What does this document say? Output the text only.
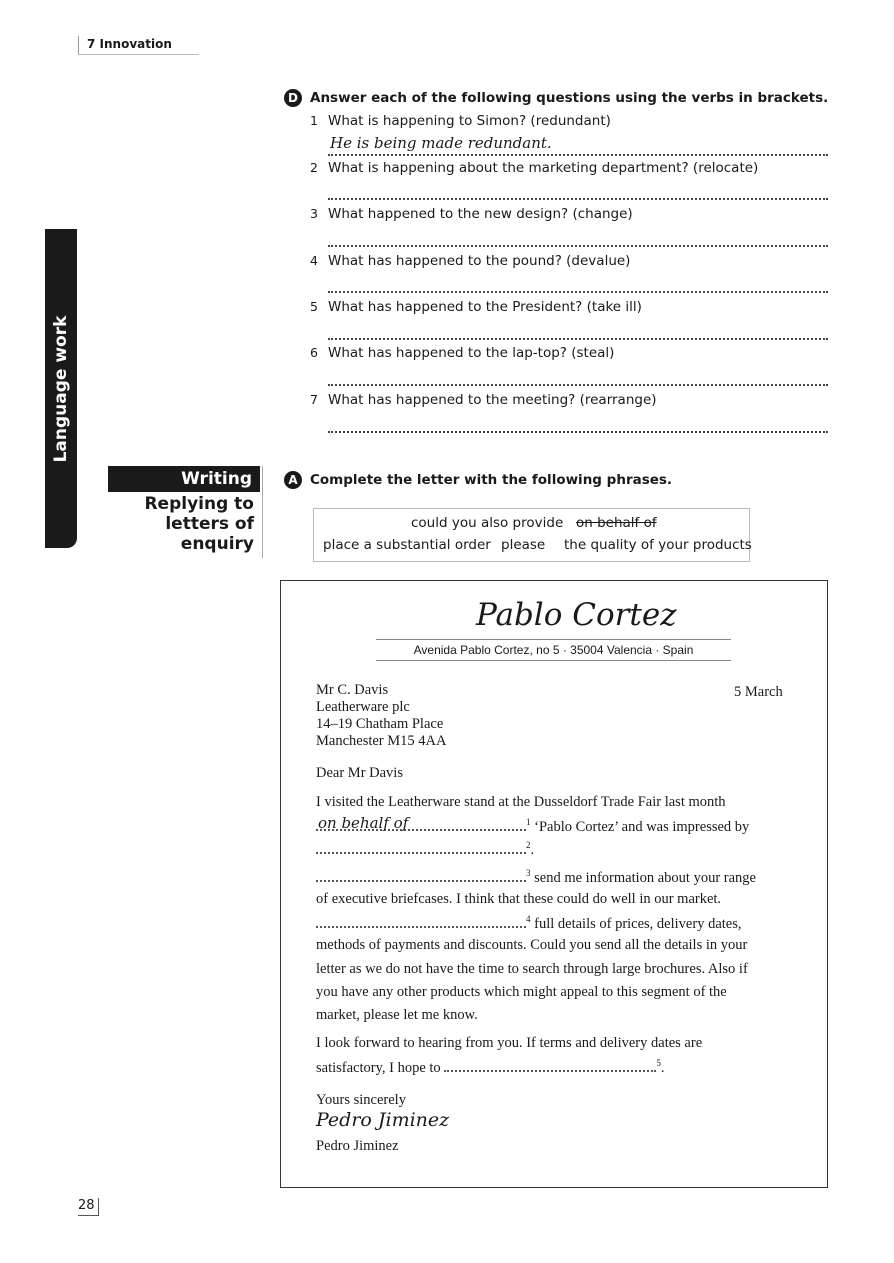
7 Innovation
Language work
D Answer each of the following questions using the verbs in brackets.
1 What is happening to Simon? (redundant)
He is being made redundant.
2 What is happening about the marketing department? (relocate)
3 What happened to the new design? (change)
4 What has happened to the pound? (devalue)
5 What has happened to the President? (take ill)
6 What has happened to the lap-top? (steal)
7 What has happened to the meeting? (rearrange)
Writing
Replying to
letters of
enquiry
A Complete the letter with the following phrases.
could you also provide on behalf of
place a substantial order please the quality of your products
Pablo Cortez
Avenida Pablo Cortez, no 5 · 35004 Valencia · Spain
Mr C. Davis
Leatherware plc
14–19 Chatham Place
Manchester M15 4AA
5 March
Dear Mr Davis
I visited the Leatherware stand at the Dusseldorf Trade Fair last month
on behalf of	$^1$ ‘Pablo Cortez’ and was impressed by
$^2$.
$^3$ send me information about your range
of executive briefcases. I think that these could do well in our market.
$^4$ full details of prices, delivery dates,
methods of payments and discounts. Could you send all the details in your
letter as we do not have the time to search through large brochures. Also if
you have any other products which might appeal to this segment of the
market, please let me know.
I look forward to hearing from you. If terms and delivery dates are
satisfactory, I hope to	$^5$.
Yours sincerely
Pedro Jiminez
Pedro Jiminez
28
